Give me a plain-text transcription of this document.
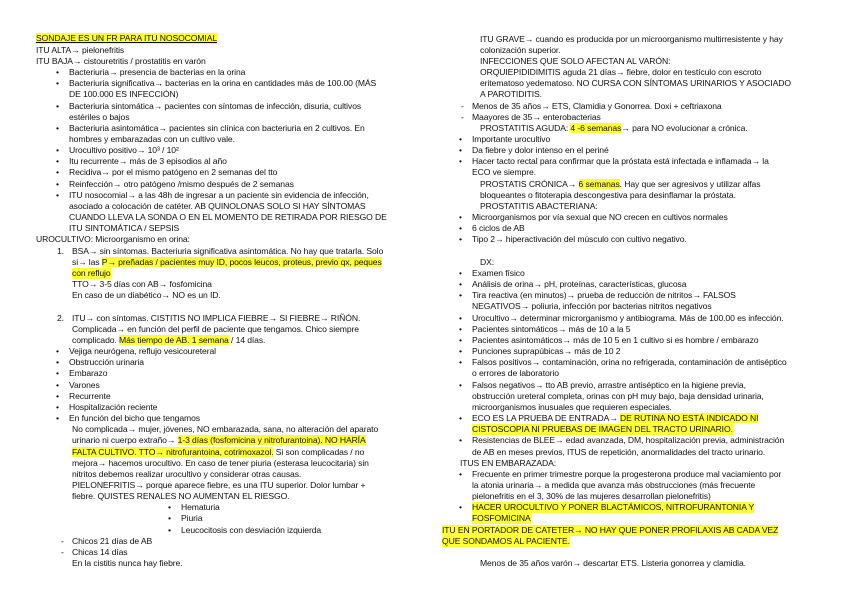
SONDAJE ES UN FR PARA ITU NOSOCOMIAL
ITU ALTA→ pielonefritis
ITU BAJA→ cistouretritis / prostatitis en varón
• Bacteriuria→ presencia de bacterias en la orina
• Bacteriuria significativa→ bacterias en la orina en cantidades más de 100.00 (MÁS
DE 100.000 ES INFECCIÓN)
• Bacteriuria sintomática→ pacientes con síntomas de infección, disuria, cultivos
estériles o bajos
• Bacteriuria asintomática→ pacientes sin clínica con bacteriuria en 2 cultivos. En
hombres y embarazadas con un cultivo vale.
• Urocultivo positivo→ 10³ / 10²
• Itu recurrente→ más de 3 episodios al año
• Recidiva→ por el mismo patógeno en 2 semanas del tto
• Reinfección→ otro patógeno /mismo después de 2 semanas
• ITU nosocomial→ a las 48h de ingresar a un paciente sin evidencia de infección,
asociado a colocación de catéter. AB QUINOLONAS SOLO SI HAY SÍNTOMAS
CUANDO LLEVA LA SONDA O EN EL MOMENTO DE RETIRADA POR RIESGO DE
ITU SINTOMÁTICA / SEPSIS
UROCULTIVO: Microorganismo en orina:
1. BSA→ sin síntomas. Bacteriuria significativa asintomática. No hay que tratarla. Solo
si→ las P→ preñadas / pacientes muy ID, pocos leucos, proteus, previo qx, peques
con reflujo
TTO→ 3-5 días con AB→ fosfomicina
En caso de un diabético→ NO es un ID.
2. ITU→ con síntomas. CISTITIS NO IMPLICA FIEBRE→ SI FIEBRE→ RIÑÓN.
Complicada→ en función del perfil de paciente que tengamos. Chico siempre
complicado. Más tiempo de AB. 1 semana / 14 días.
• Vejiga neurógena, reflujo vesicoureteral
• Obstrucción urinaria
• Embarazo
• Varones
• Recurrente
• Hospitalización reciente
• En función del bicho que tengamos
No complicada→ mujer, jóvenes, NO embarazada, sana, no alteración del aparato
urinario ni cuerpo extraño→ 1-3 días (fosfomicina y nitrofurantoina). NO HARÍA
FALTA CULTIVO. TTO→ nitrofurantoina, cotrimoxazol. Si son complicadas / no
mejora→ hacemos urocultivo. En caso de tener piuria (esterasa leucocitaria) sin
nitritos debemos realizar urocultivo y considerar otras causas.
PIELONEFRITIS→ porque aparece fiebre, es una ITU superior. Dolor lumbar +
fiebre. QUISTES RENALES NO AUMENTAN EL RIESGO.
• Hematuria
• Piuria
• Leucocitosis con desviación izquierda
- Chicos 21 días de AB
- Chicas 14 días
En la cistitis nunca hay fiebre.
ITU GRAVE→ cuando es producida por un microorganismo multirresistente y hay
colonización superior.
INFECCIONES QUE SOLO AFECTAN AL VARÓN:
ORQUIEPIDIDIMITIS aguda 21 días→ fiebre, dolor en testículo con escroto
eritematoso yedematoso. NO CURSA CON SÍNTOMAS URINARIOS Y ASOCIADO
A PAROTIDITIS.
- Menos de 35 años→ ETS, Clamidia y Gonorrea. Doxi + ceftriaxona
- Maayores de 35→ enterobacterias
PROSTATITIS AGUDA: 4 -6 semanas→ para NO evolucionar a crónica.
• Importante urocultivo
• Da fiebre y dolor intenso en el periné
• Hacer tacto rectal para confirmar que la próstata está infectada e inflamada→ la
ECO ve siempre.
PROSTATIS CRÓNICA→ 6 semanas. Hay que ser agresivos y utilizar alfas
bloqueantes o fitoterapia descongestiva para desinflamar la próstata.
PROSTATITIS ABACTERIANA:
• Microorganismos por vía sexual que NO crecen en cultivos normales
• 6 ciclos de AB
• Tipo 2→ hiperactivación del músculo con cultivo negativo.
DX:
• Examen físico
• Análisis de orina→ pH, proteínas, características, glucosa
• Tira reactiva (en minutos)→ prueba de reducción de nitritos→ FALSOS
NEGATIVOS→ poliuria, infección por bacterias nitritos negativos
• Urocultivo→ determinar microrganismo y antibiograma. Más de 100.00 es infección.
• Pacientes sintomáticos→ más de 10 a la 5
• Pacientes asintomáticos→ más de 10 5 en 1 cultivo si es hombre / embarazo
• Punciones suprapúbicas→ más de 10 2
• Falsos positivos→ contaminación, orina no refrigerada, contaminación de antiséptico
o errores de laboratorio
• Falsos negativos→ tto AB previo, arrastre antiséptico en la higiene previa,
obstrucción ureteral completa, orinas con pH muy bajo, baja densidad urinaria,
microorganismos inusuales que requieren especiales.
• ECO ES LA PRUEBA DE ENTRADA→ DE RUTINA NO ESTÁ INDICADO NI
CISTOSCOPIA NI PRUEBAS DE IMAGEN DEL TRACTO URINARIO.
• Resistencias de BLEE→ edad avanzada, DM, hospitalización previa, administración
de AB en meses previos, ITUS de repetición, anormalidades del tracto urinario.
ITUS EN EMBARAZADA:
• Frecuente en primer trimestre porque la progesterona produce mal vaciamiento por
la atonia urinaria→ a medida que avanza más obstrucciones (más frecuente
pielonefritis en el 3, 30% de las mujeres desarrollan pielonefritis)
• HACER UROCULTIVO Y PONER BLACTÁMICOS, NITROFURANTONIA Y
FOSFOMICINA
ITU EN PORTADOR DE CATETER→ NO HAY QUE PONER PROFILAXIS AB CADA VEZ
QUE SONDAMOS AL PACIENTE.
Menos de 35 años varón→ descartar ETS. Listeria gonorrea y clamidia.
